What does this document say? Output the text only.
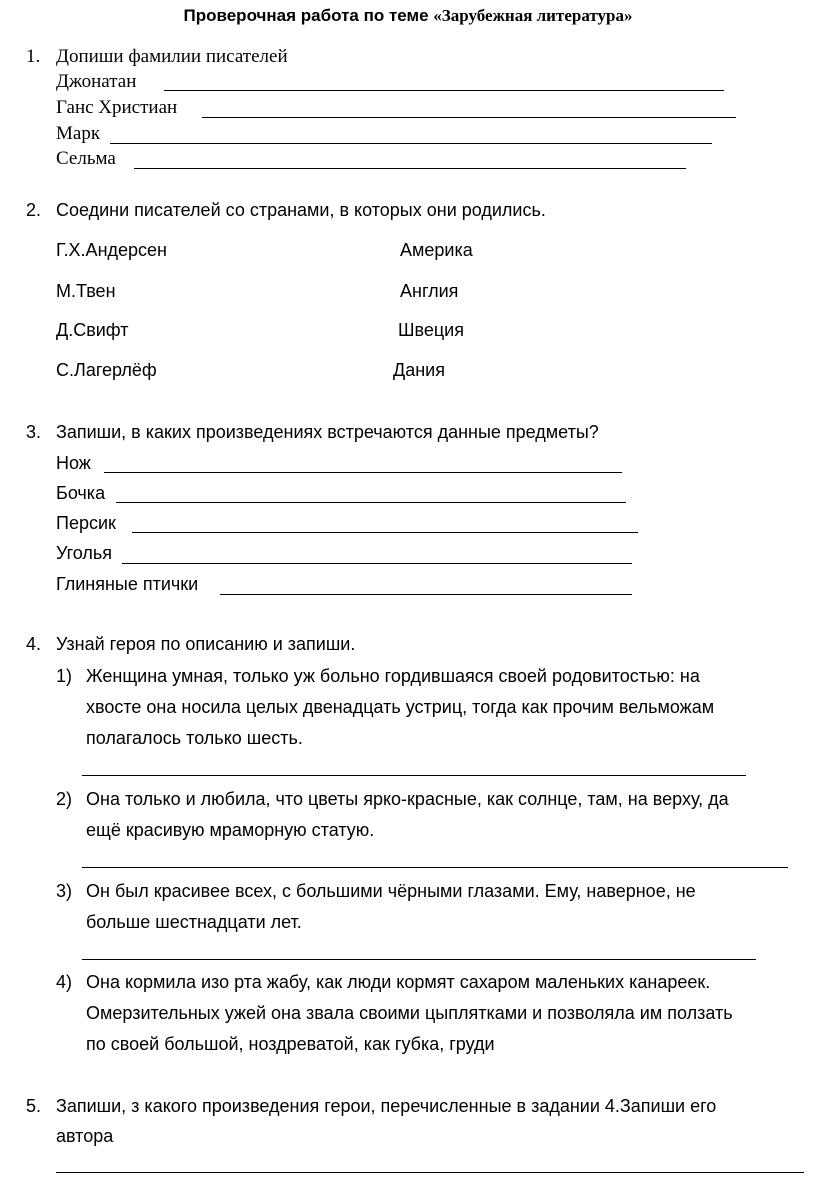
Проверочная работа по теме «Зарубежная литература»
1. Допиши фамилии писателей
Джонатан
Ганс Христиан
Марк
Сельма
2. Соедини писателей со странами, в которых они родились.
Г.Х.Андерсен	Америка
М.Твен	Англия
Д.Свифт	Швеция
С.Лагерлёф	Дания
3. Запиши, в каких произведениях встречаются данные предметы?
Нож
Бочка
Персик
Уголья
Глиняные птички
4. Узнай героя по описанию и запиши.
1) Женщина умная, только уж больно гордившаяся своей родовитостью: на
хвосте она носила целых двенадцать устриц, тогда как прочим вельможам
полагалось только шесть.
2) Она только и любила, что цветы ярко-красные, как солнце, там, на верху, да
ещё красивую мраморную статую.
3) Он был красивее всех, с большими чёрными глазами. Ему, наверное, не
больше шестнадцати лет.
4) Она кормила изо рта жабу, как люди кормят сахаром маленьких канареек.
Омерзительных ужей она звала своими цыплятками и позволяла им ползать
по своей большой, ноздреватой, как губка, груди
5. Запиши, з какого произведения герои, перечисленные в задании 4.Запиши его
автора
